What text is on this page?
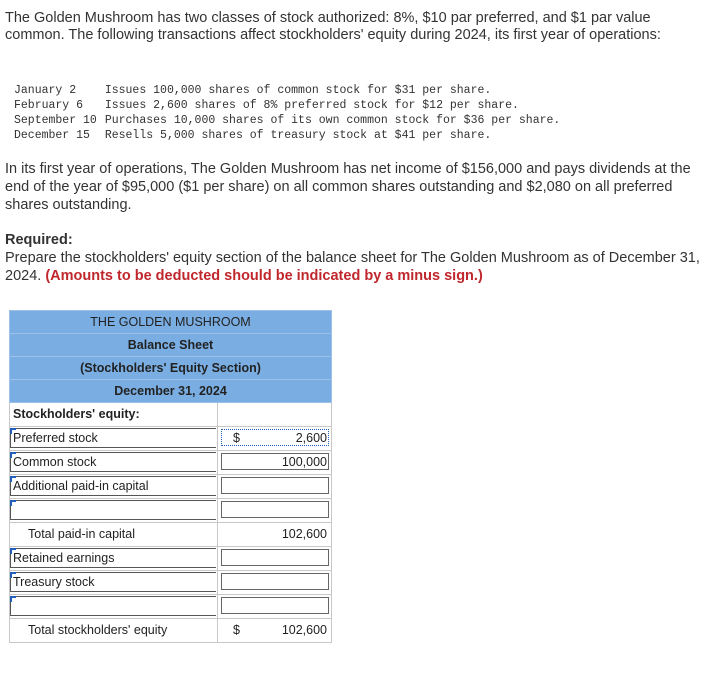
The Golden Mushroom has two classes of stock authorized: 8%, $10 par preferred, and $1 par value common. The following transactions affect stockholders' equity during 2024, its first year of operations:

January 2	Issues 100,000 shares of common stock for $31 per share.
February 6	Issues 2,600 shares of 8% preferred stock for $12 per share.
September 10	Purchases 10,000 shares of its own common stock for $36 per share.
December 15	Resells 5,000 shares of treasury stock at $41 per share.

In its first year of operations, The Golden Mushroom has net income of $156,000 and pays dividends at the end of the year of $95,000 ($1 per share) on all common shares outstanding and $2,080 on all preferred shares outstanding.

Required:

Prepare the stockholders' equity section of the balance sheet for The Golden Mushroom as of December 31, 2024. (Amounts to be deducted should be indicated by a minus sign.)

THE GOLDEN MUSHROOM
Balance Sheet
(Stockholders' Equity Section)
December 31, 2024
Stockholders' equity:
Preferred stock	$	2,600
Common stock	100,000
Additional paid-in capital
Total paid-in capital	102,600
Retained earnings
Treasury stock
Total stockholders' equity	$	102,600
